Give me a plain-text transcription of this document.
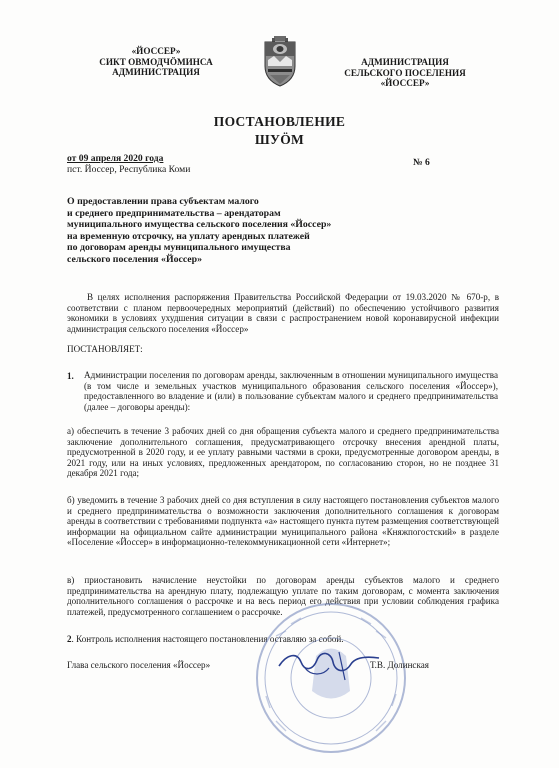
«ЙОССЕР»
СИКТ ОВМОДЧÖМИНСА
АДМИНИСТРАЦИЯ
АДМИНИСТРАЦИЯ
СЕЛЬСКОГО ПОСЕЛЕНИЯ
«ЙОССЕР»
ПОСТАНОВЛЕНИЕ
ШУÖМ
от 09 апреля 2020 года
пст. Йоссер, Республика Коми
№ 6
О предоставлении права субъектам малого
и среднего предпринимательства – арендаторам
муниципального имущества сельского поселения «Йоссер»
на временную отсрочку, на уплату арендных платежей
по договорам аренды муниципального имущества
сельского поселения «Йоссер»
В целях исполнения распоряжения Правительства Российской Федерации от 19.03.2020 № 670-р, в соответствии с планом первоочередных мероприятий (действий) по обеспечению устойчивого развития экономики в условиях ухудшения ситуации в связи с распространением новой коронавирусной инфекции администрация сельского поселения «Йоссер»
ПОСТАНОВЛЯЕТ:
1. Администрации поселения по договорам аренды, заключенным в отношении муниципального имущества (в том числе и земельных участков муниципального образования сельского поселения «Йоссер»), предоставленного во владение и (или) в пользование субъектам малого и среднего предпринимательства (далее – договоры аренды):
а) обеспечить в течение 3 рабочих дней со дня обращения субъекта малого и среднего предпринимательства заключение дополнительного соглашения, предусматривающего отсрочку внесения арендной платы, предусмотренной в 2020 году, и ее уплату равными частями в сроки, предусмотренные договором аренды, в 2021 году, или на иных условиях, предложенных арендатором, по согласованию сторон, но не позднее 31 декабря 2021 года;
б) уведомить в течение 3 рабочих дней со дня вступления в силу настоящего постановления субъектов малого и среднего предпринимательства о возможности заключения дополнительного соглашения к договорам аренды в соответствии с требованиями подпункта «а» настоящего пункта путем размещения соответствующей информации на официальном сайте администрации муниципального района «Княжпогостский» в разделе «Поселение «Йоссер» в информационно-телекоммуникационной сети «Интернет»;
в) приостановить начисление неустойки по договорам аренды субъектов малого и среднего предпринимательства на арендную плату, подлежащую уплате по таким договорам, с момента заключения дополнительного соглашения о рассрочке и на весь период его действия при условии соблюдения графика платежей, предусмотренного соглашением о рассрочке.
2. Контроль исполнения настоящего постановления оставляю за собой.
Глава сельского поселения «Йоссер»	Т.В. Долинская
